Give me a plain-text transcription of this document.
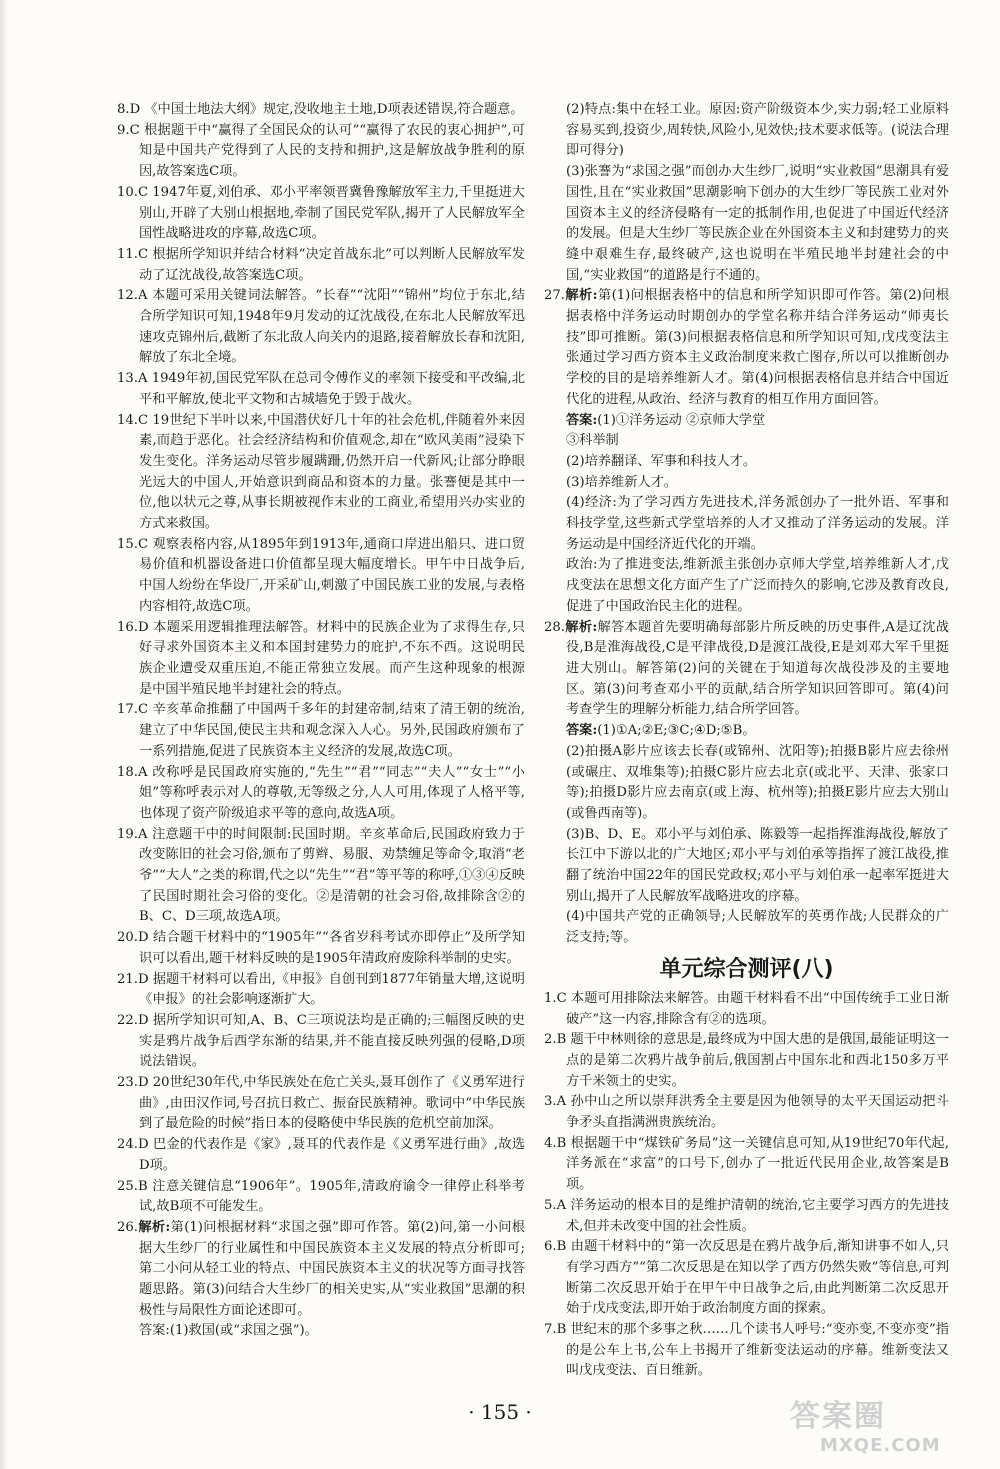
8.D 《中国土地法大纲》规定,没收地主土地,D项表述错误,符合题意。

9.C 根据题干中“赢得了全国民众的认可”“赢得了农民的衷心拥护”,可知是中国共产党得到了人民的支持和拥护,这是解放战争胜利的原因,故答案选C项。

10.C 1947年夏,刘伯承、邓小平率领晋冀鲁豫解放军主力,千里挺进大别山,开辟了大别山根据地,牵制了国民党军队,揭开了人民解放军全国性战略进攻的序幕,故选C项。

11.C 根据所学知识并结合材料“决定首战东北”可以判断人民解放军发动了辽沈战役,故答案选C项。

12.A 本题可采用关键词法解答。“长春”“沈阳”“锦州”均位于东北,结合所学知识可知,1948年9月发动的辽沈战役,在东北人民解放军迅速攻克锦州后,截断了东北敌人向关内的退路,接着解放长春和沈阳,解放了东北全境。

13.A 1949年初,国民党军队在总司令傅作义的率领下接受和平改编,北平和平解放,使北平文物和古城墙免于毁于战火。

14.C 19世纪下半叶以来,中国潜伏好几十年的社会危机,伴随着外来因素,而趋于恶化。社会经济结构和价值观念,却在“欧风美雨”浸染下发生变化。洋务运动尽管步履蹒跚,仍然开启一代新风;让部分睁眼光远大的中国人,开始意识到商品和资本的力量。张謇便是其中一位,他以状元之尊,从事长期被视作末业的工商业,希望用兴办实业的方式来救国。

15.C 观察表格内容,从1895年到1913年,通商口岸进出船只、进口贸易价值和机器设备进口价值都呈现大幅度增长。甲午中日战争后,中国人纷纷在华设厂,开采矿山,刺激了中国民族工业的发展,与表格内容相符,故选C项。

16.D 本题采用逻辑推理法解答。材料中的民族企业为了求得生存,只好寻求外国资本主义和本国封建势力的庇护,不东不西。这说明民族企业遭受双重压迫,不能正常独立发展。而产生这种现象的根源是中国半殖民地半封建社会的特点。

17.C 辛亥革命推翻了中国两千多年的封建帝制,结束了清王朝的统治,建立了中华民国,使民主共和观念深入人心。另外,民国政府颁布了一系列措施,促进了民族资本主义经济的发展,故选C项。

18.A 改称呼是民国政府实施的,“先生”“君”“同志”“夫人”“女士”“小姐”等称呼表示对人的尊敬,无等级之分,人人可用,体现了人格平等,也体现了资产阶级追求平等的意向,故选A项。

19.A 注意题干中的时间限制:民国时期。辛亥革命后,民国政府致力于改变陈旧的社会习俗,颁布了剪辫、易服、劝禁缠足等命令,取消“老爷”“大人”之类的称谓,代之以“先生”“君”等平等的称呼,①③④反映了民国时期社会习俗的变化。②是清朝的社会习俗,故排除含②的B、C、D三项,故选A项。

20.D 结合题干材料中的“1905年”“各省岁科考试亦即停止”及所学知识可以看出,题干材料反映的是1905年清政府废除科举制的史实。

21.D 据题干材料可以看出,《申报》自创刊到1877年销量大增,这说明《申报》的社会影响逐渐扩大。

22.D 据所学知识可知,A、B、C三项说法均是正确的;三幅图反映的史实是鸦片战争后西学东渐的结果,并不能直接反映列强的侵略,D项说法错误。

23.D 20世纪30年代,中华民族处在危亡关头,聂耳创作了《义勇军进行曲》,由田汉作词,号召抗日救亡、振奋民族精神。歌词中“中华民族到了最危险的时候”指日本的侵略使中华民族的危机空前加深。

24.D 巴金的代表作是《家》,聂耳的代表作是《义勇军进行曲》,故选D项。

25.B 注意关键信息“1906年”。1905年,清政府谕令一律停止科举考试,故B项不可能发生。

26.解析:第(1)问根据材料“求国之强”即可作答。第(2)问,第一小问根据大生纱厂的行业属性和中国民族资本主义发展的特点分析即可;第二小问从轻工业的特点、中国民族资本主义的状况等方面寻找答题思路。第(3)问结合大生纱厂的相关史实,从“实业救国”思潮的积极性与局限性方面论述即可。

答案:(1)救国(或“求国之强”)。

(2)特点:集中在轻工业。原因:资产阶级资本少,实力弱;轻工业原料容易买到,投资少,周转快,风险小,见效快;技术要求低等。(说法合理即可得分)

(3)张謇为“求国之强”而创办大生纱厂,说明“实业救国”思潮具有爱国性,且在“实业救国”思潮影响下创办的大生纱厂等民族工业对外国资本主义的经济侵略有一定的抵制作用,也促进了中国近代经济的发展。但是大生纱厂等民族企业在外国资本主义和封建势力的夹缝中艰难生存,最终破产,这也说明在半殖民地半封建社会的中国,“实业救国”的道路是行不通的。

27.解析:第(1)问根据表格中的信息和所学知识即可作答。第(2)问根据表格中洋务运动时期创办的学堂名称并结合洋务运动“师夷长技”即可推断。第(3)问根据表格信息和所学知识可知,戊戌变法主张通过学习西方资本主义政治制度来救亡图存,所以可以推断创办学校的目的是培养维新人才。第(4)问根据表格信息并结合中国近代化的进程,从政治、经济与教育的相互作用方面回答。

答案:(1)①洋务运动 ②京师大学堂

③科举制

(2)培养翻译、军事和科技人才。

(3)培养维新人才。

(4)经济:为了学习西方先进技术,洋务派创办了一批外语、军事和科技学堂,这些新式学堂培养的人才又推动了洋务运动的发展。洋务运动是中国经济近代化的开端。

政治:为了推进变法,维新派主张创办京师大学堂,培养维新人才,戊戌变法在思想文化方面产生了广泛而持久的影响,它涉及教育改良,促进了中国政治民主化的进程。

28.解析:解答本题首先要明确每部影片所反映的历史事件,A是辽沈战役,B是淮海战役,C是平津战役,D是渡江战役,E是刘邓大军千里挺进大别山。解答第(2)问的关键在于知道每次战役涉及的主要地区。第(3)问考查邓小平的贡献,结合所学知识回答即可。第(4)问考查学生的理解分析能力,结合所学回答。

答案:(1)①A;②E;③C;④D;⑤B。

(2)拍摄A影片应该去长春(或锦州、沈阳等);拍摄B影片应去徐州(或碾庄、双堆集等);拍摄C影片应去北京(或北平、天津、张家口等);拍摄D影片应去南京(或上海、杭州等);拍摄E影片应去大别山(或鲁西南等)。

(3)B、D、E。邓小平与刘伯承、陈毅等一起指挥淮海战役,解放了长江中下游以北的广大地区;邓小平与刘伯承等指挥了渡江战役,推翻了统治中国22年的国民党政权;邓小平与刘伯承一起率军挺进大别山,揭开了人民解放军战略进攻的序幕。

(4)中国共产党的正确领导;人民解放军的英勇作战;人民群众的广泛支持;等。

单元综合测评(八)

1.C 本题可用排除法来解答。由题干材料看不出“中国传统手工业日渐破产”这一内容,排除含有②的选项。

2.B 题干中林则徐的意思是,最终成为中国大患的是俄国,最能证明这一点的是第二次鸦片战争前后,俄国割占中国东北和西北150多万平方千米领土的史实。

3.A 孙中山之所以崇拜洪秀全主要是因为他领导的太平天国运动把斗争矛头直指满洲贵族统治。

4.B 根据题干中“煤铁矿务局”这一关键信息可知,从19世纪70年代起,洋务派在“求富”的口号下,创办了一批近代民用企业,故答案是B项。

5.A 洋务运动的根本目的是维护清朝的统治,它主要学习西方的先进技术,但并未改变中国的社会性质。

6.B 由题干材料中的“第一次反思是在鸦片战争后,渐知讲事不如人,只有学习西方”“第二次反思是在知以学了西方仍然失败”等信息,可判断第二次反思开始于在甲午中日战争之后,由此判断第二次反思开始于戊戌变法,即开始于政治制度方面的探索。

7.B 世纪末的那个多事之秋……几个读书人呼号:“变亦变,不变亦变”指的是公车上书,公车上书揭开了维新变法运动的序幕。维新变法又叫戊戌变法、百日维新。

· 155 ·	答案圈
MXQE.COM
